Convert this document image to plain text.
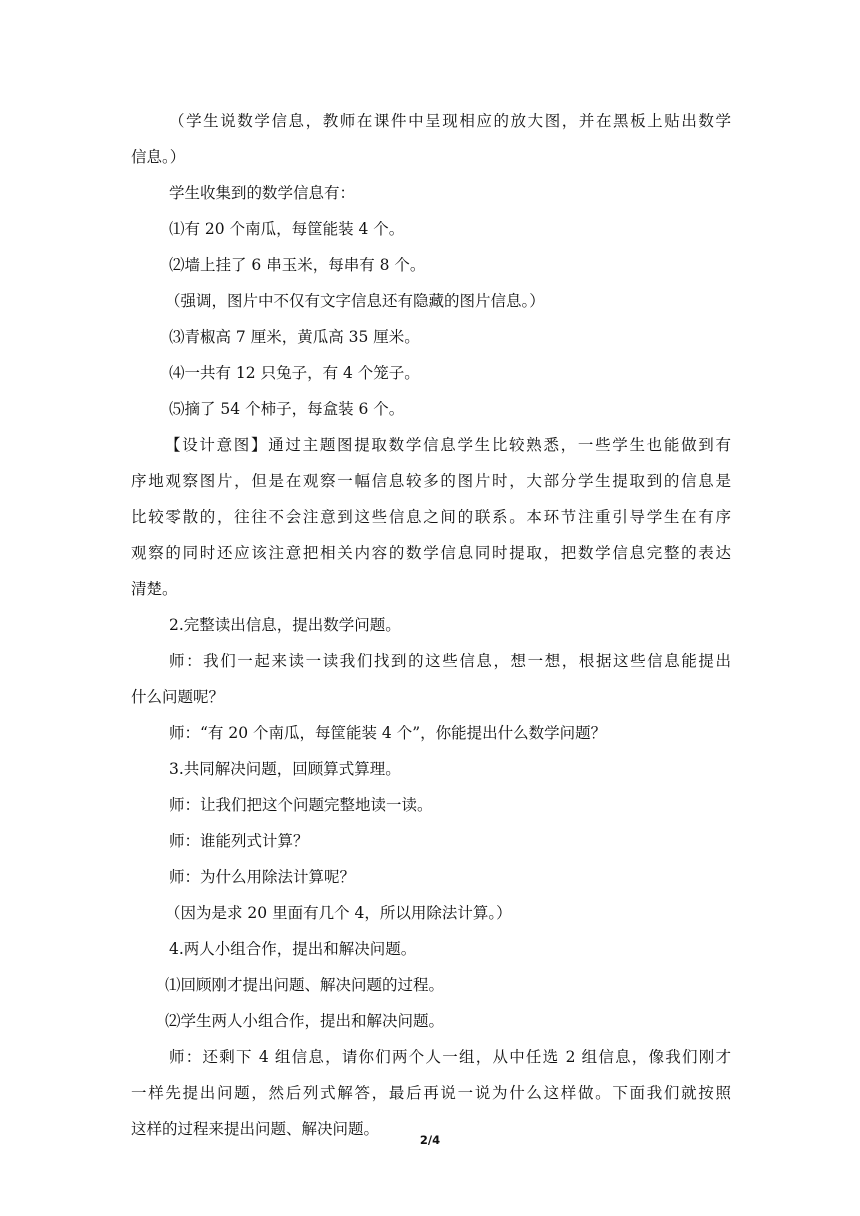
（学生说数学信息，教师在课件中呈现相应的放大图，并在黑板上贴出数学
信息。）
学生收集到的数学信息有：
⑴有 20 个南瓜，每筐能装 4 个。
⑵墙上挂了 6 串玉米，每串有 8 个。
（强调，图片中不仅有文字信息还有隐藏的图片信息。）
⑶青椒高 7 厘米，黄瓜高 35 厘米。
⑷一共有 12 只兔子，有 4 个笼子。
⑸摘了 54 个柿子，每盒装 6 个。
【设计意图】通过主题图提取数学信息学生比较熟悉，一些学生也能做到有
序地观察图片，但是在观察一幅信息较多的图片时，大部分学生提取到的信息是
比较零散的，往往不会注意到这些信息之间的联系。本环节注重引导学生在有序
观察的同时还应该注意把相关内容的数学信息同时提取，把数学信息完整的表达
清楚。
2.完整读出信息，提出数学问题。
师：我们一起来读一读我们找到的这些信息，想一想，根据这些信息能提出
什么问题呢？
师：“有 20 个南瓜，每筐能装 4 个”，你能提出什么数学问题？
3.共同解决问题，回顾算式算理。
师：让我们把这个问题完整地读一读。
师：谁能列式计算？
师：为什么用除法计算呢？
（因为是求 20 里面有几个 4，所以用除法计算。）
4.两人小组合作，提出和解决问题。
⑴回顾刚才提出问题、解决问题的过程。
⑵学生两人小组合作，提出和解决问题。
师：还剩下 4 组信息，请你们两个人一组，从中任选 2 组信息，像我们刚才
一样先提出问题，然后列式解答，最后再说一说为什么这样做。下面我们就按照
这样的过程来提出问题、解决问题。
2/4
